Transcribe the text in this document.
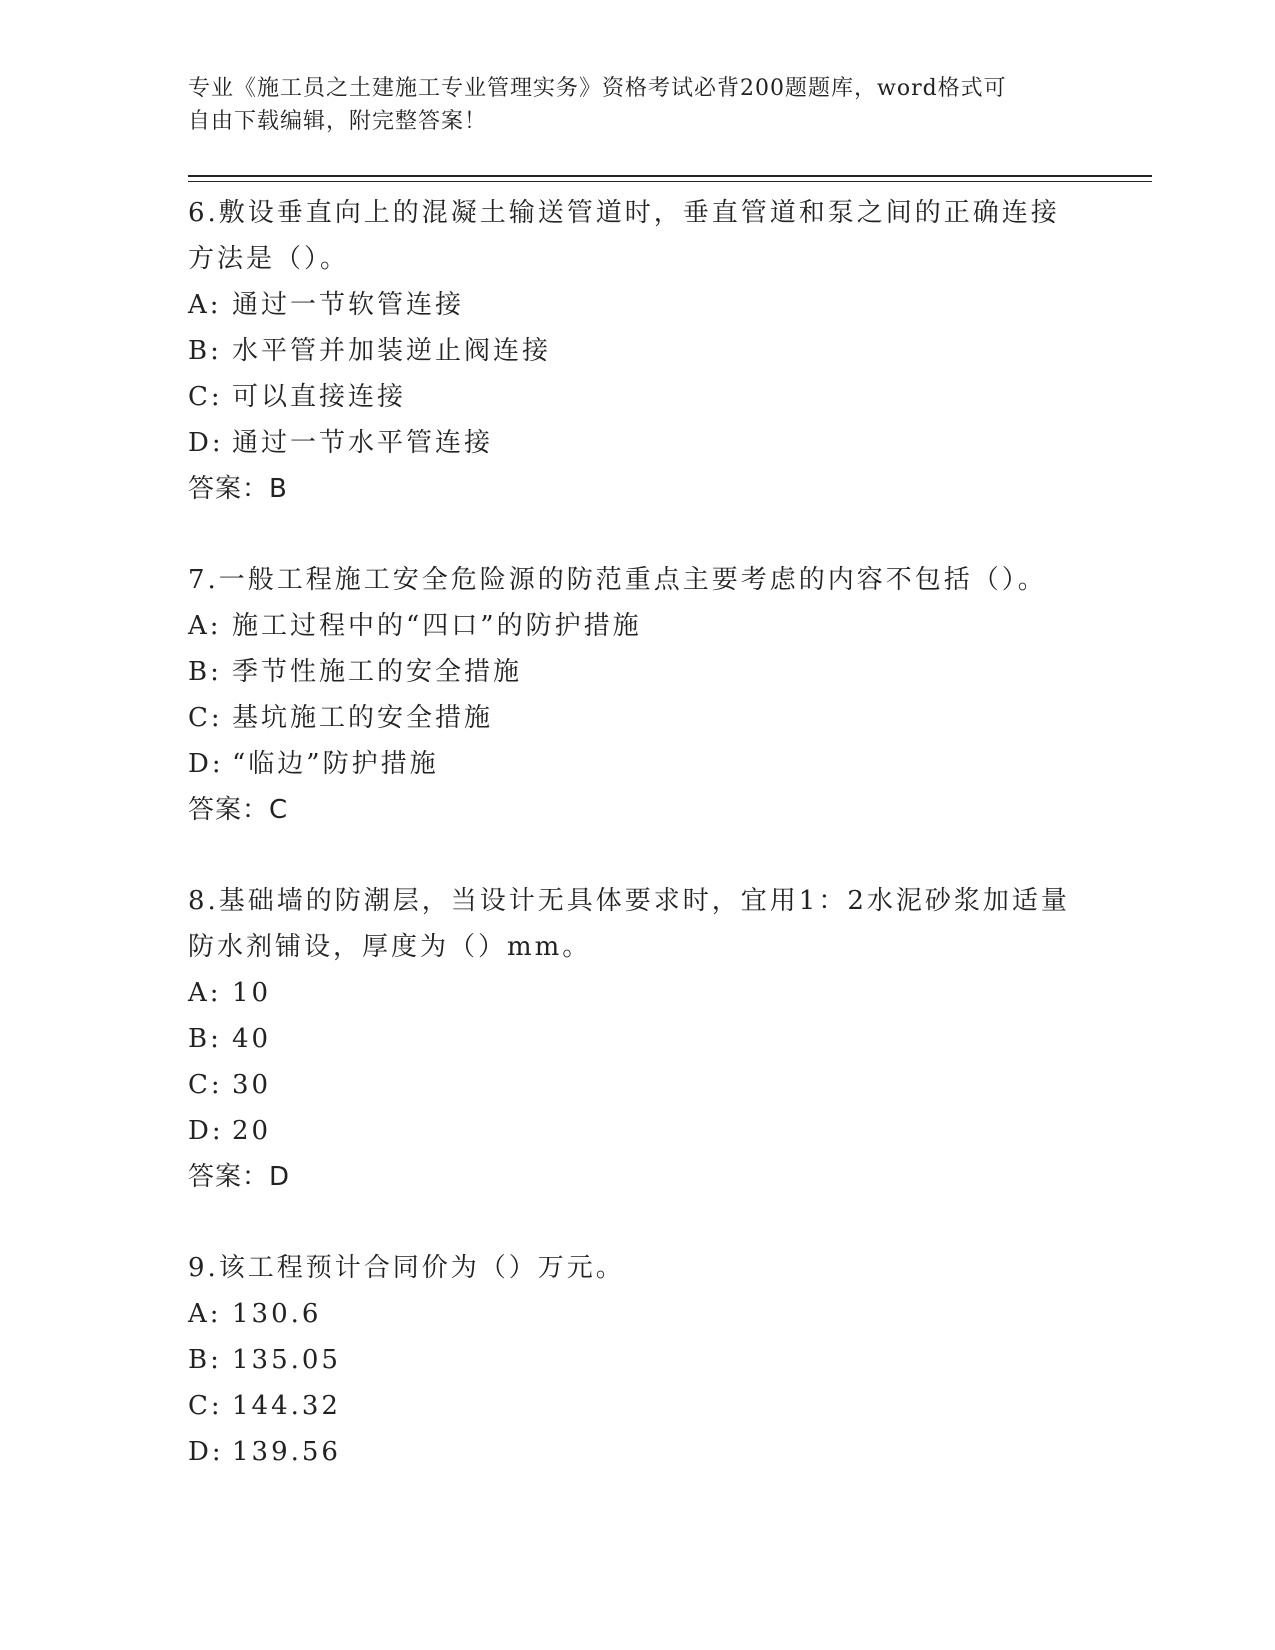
专业《施工员之土建施工专业管理实务》资格考试必背200题题库，word格式可
自由下载编辑，附完整答案！

6.敷设垂直向上的混凝土输送管道时，垂直管道和泵之间的正确连接

方法是（）。

A: 通过一节软管连接
B: 水平管并加装逆止阀连接
C: 可以直接连接
D: 通过一节水平管连接

答案：B

7.一般工程施工安全危险源的防范重点主要考虑的内容不包括（）。

A: 施工过程中的“四口”的防护措施
B: 季节性施工的安全措施
C: 基坑施工的安全措施
D: “临边”防护措施

答案：C

8.基础墙的防潮层，当设计无具体要求时，宜用1：2水泥砂浆加适量

防水剂铺设，厚度为（）mm。

A: 10
B: 40
C: 30
D: 20

答案：D

9.该工程预计合同价为（）万元。

A: 130.6
B: 135.05
C: 144.32
D: 139.56
